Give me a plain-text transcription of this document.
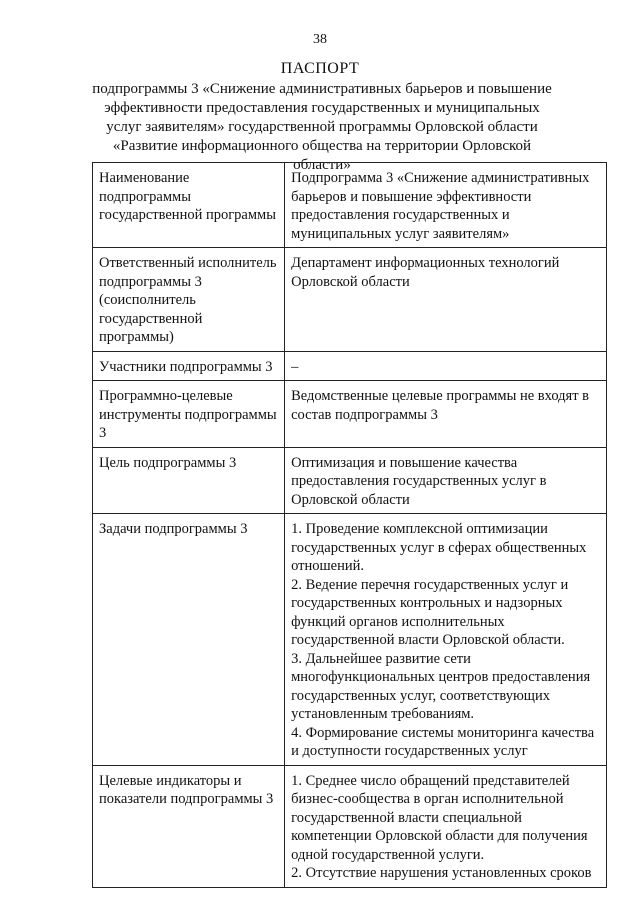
38
ПАСПОРТ
подпрограммы 3 «Снижение административных барьеров и повышение эффективности предоставления государственных и муниципальных услуг заявителям» государственной программы Орловской области «Развитие информационного общества на территории Орловской области»
Наименование подпрограммы государственной программы	Подпрограмма 3 «Снижение административных барьеров и повышение эффективности предоставления государственных и муниципальных услуг заявителям»

Ответственный исполнитель подпрограммы 3 (соисполнитель государственной программы)	Департамент информационных технологий Орловской области

Участники подпрограммы 3	–

Программно-целевые инструменты подпрограммы 3	Ведомственные целевые программы не входят в состав подпрограммы 3

Цель подпрограммы 3	Оптимизация и повышение качества предоставления государственных услуг в Орловской области

Задачи подпрограммы 3	1. Проведение комплексной оптимизации государственных услуг в сферах общественных отношений.
2. Ведение перечня государственных услуг и государственных контрольных и надзорных функций органов исполнительных государственной власти Орловской области.
3. Дальнейшее развитие сети многофункциональных центров предоставления государственных услуг, соответствующих установленным требованиям.
4. Формирование системы мониторинга качества и доступности государственных услуг

Целевые индикаторы и показатели подпрограммы 3	1. Среднее число обращений представителей бизнес-сообщества в орган исполнительной государственной власти специальной компетенции Орловской области для получения одной государственной услуги.
2. Отсутствие нарушения установленных сроков
